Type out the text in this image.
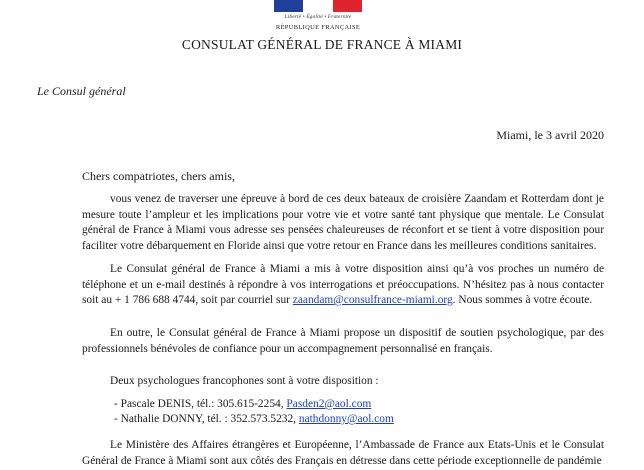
Liberté • Égalité • Fraternité
RÉPUBLIQUE FRANÇAISE
CONSULAT GÉNÉRAL DE FRANCE À MIAMI
Le Consul général
Miami, le 3 avril 2020
Chers compatriotes, chers amis,

vous venez de traverser une épreuve à bord de ces deux bateaux de croisière Zaandam et Rotterdam dont je mesure toute l’ampleur et les implications pour votre vie et votre santé tant physique que mentale. Le Consulat général de France à Miami vous adresse ses pensées chaleureuses de réconfort et se tient à votre disposition pour faciliter votre débarquement en Floride ainsi que votre retour en France dans les meilleures conditions sanitaires.

Le Consulat général de France à Miami a mis à votre disposition ainsi qu’à vos proches un numéro de téléphone et un e-mail destinés à répondre à vos interrogations et préoccupations. N’hésitez pas à nous contacter soit au + 1 786 688 4744, soit par courriel sur zaandam@consulfrance-miami.org. Nous sommes à votre écoute.

En outre, le Consulat général de France à Miami propose un dispositif de soutien psychologique, par des professionnels bénévoles de confiance pour un accompagnement personnalisé en français.

Deux psychologues francophones sont à votre disposition :

- Pascale DENIS, tél.: 305.615-2254, Pasden2@aol.com
- Nathalie DONNY, tél. : 352.573.5232, nathdonny@aol.com

Le Ministère des Affaires étrangères et Européenne, l’Ambassade de France aux Etats-Unis et le Consulat Général de France à Miami sont aux côtés des Français en détresse dans cette période exceptionnelle de pandémie
